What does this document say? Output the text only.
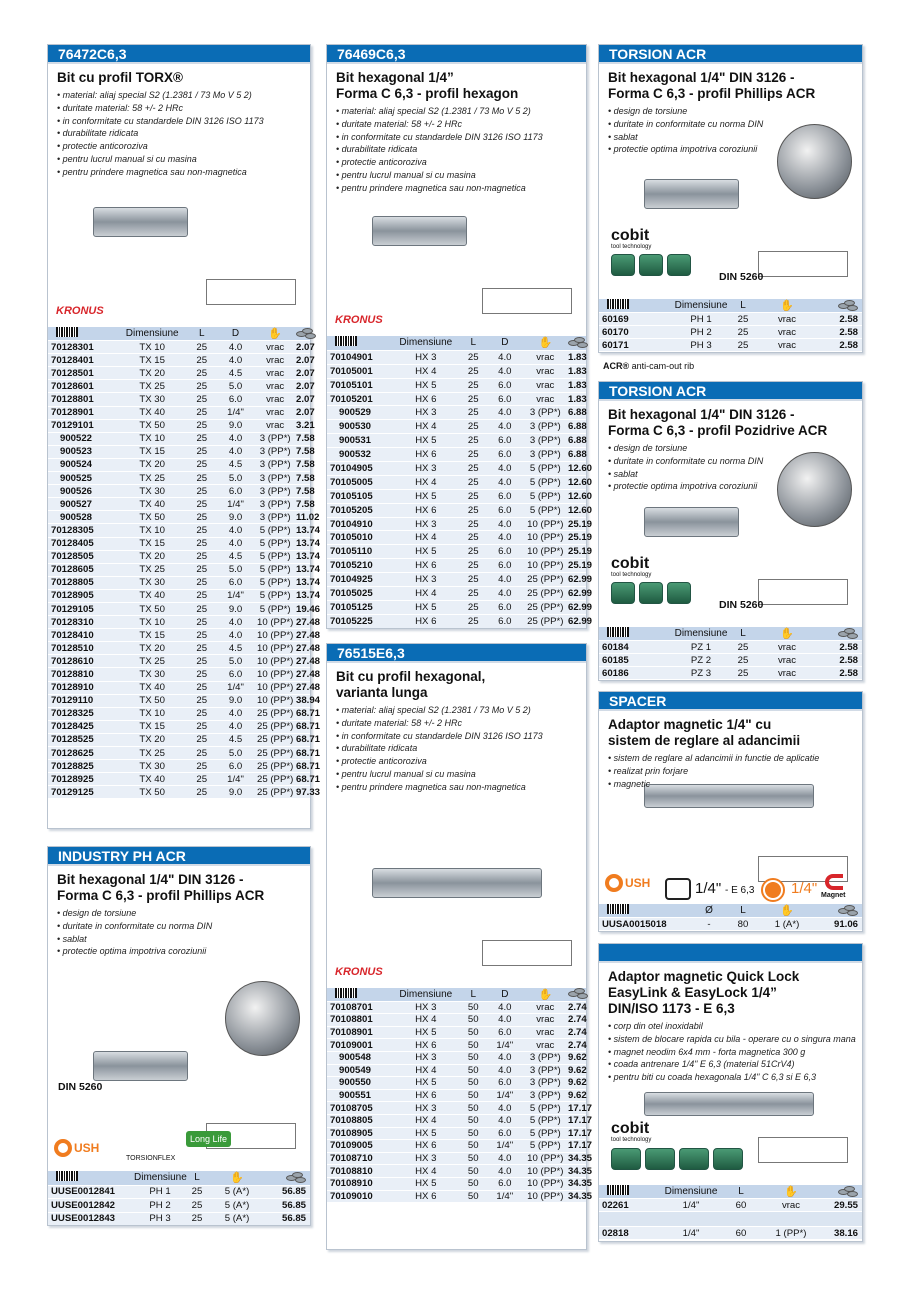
76472C6,3
Bit cu profil TORX®
• material: aliaj special S2 (1.2381 / 73 Mo V 5 2)
• duritate material: 58 +/- 2 HRc
• in conformitate cu standardele DIN 3126 ISO 1173
• durabilitate ridicata
• protectie anticoroziva
• pentru lucrul manual si cu masina
• pentru prindere magnetica sau non-magnetica
KRONUS
Dimensiune	L	D	✋
70128301	TX 10	25	4.0	vrac	2.07
70128401	TX 15	25	4.0	vrac	2.07
70128501	TX 20	25	4.5	vrac	2.07
70128601	TX 25	25	5.0	vrac	2.07
70128801	TX 30	25	6.0	vrac	2.07
70128901	TX 40	25	1/4"	vrac	2.07
70129101	TX 50	25	9.0	vrac	3.21
900522	TX 10	25	4.0	3 (PP*) 7.58
900523	TX 15	25	4.0	3 (PP*) 7.58
900524	TX 20	25	4.5	3 (PP*) 7.58
900525	TX 25	25	5.0	3 (PP*) 7.58
900526	TX 30	25	6.0	3 (PP*) 7.58
900527	TX 40	25	1/4"	3 (PP*) 7.58
900528	TX 50	25	9.0	3 (PP*) 11.02
70128305	TX 10	25	4.0	5 (PP*) 13.74
70128405	TX 15	25	4.0	5 (PP*) 13.74
70128505	TX 20	25	4.5	5 (PP*) 13.74
70128605	TX 25	25	5.0	5 (PP*) 13.74
70128805	TX 30	25	6.0	5 (PP*) 13.74
70128905	TX 40	25	1/4"	5 (PP*) 13.74
70129105	TX 50	25	9.0	5 (PP*) 19.46
70128310	TX 10	25	4.0	10 (PP*) 27.48
70128410	TX 15	25	4.0	10 (PP*) 27.48
70128510	TX 20	25	4.5	10 (PP*) 27.48
70128610	TX 25	25	5.0	10 (PP*) 27.48
70128810	TX 30	25	6.0	10 (PP*) 27.48
70128910	TX 40	25	1/4"	10 (PP*) 27.48
70129110	TX 50	25	9.0	10 (PP*) 38.94
70128325	TX 10	25	4.0	25 (PP*) 68.71
70128425	TX 15	25	4.0	25 (PP*) 68.71
70128525	TX 20	25	4.5	25 (PP*) 68.71
70128625	TX 25	25	5.0	25 (PP*) 68.71
70128825	TX 30	25	6.0	25 (PP*) 68.71
70128925	TX 40	25	1/4"	25 (PP*) 68.71
70129125	TX 50	25	9.0	25 (PP*) 97.33
INDUSTRY PH ACR
Bit hexagonal 1/4" DIN 3126 -
Forma C 6,3 - profil Phillips ACR
• design de torsiune
• duritate in conformitate cu norma DIN
• sablat
• protectie optima impotriva coroziunii
USH
DIN 5260
TORSIONFLEX
Long Life
Dimensiune L	✋
UUSE0012841	PH 1	25	5 (A*)	56.85
UUSE0012842	PH 2	25	5 (A*)	56.85
UUSE0012843	PH 3	25	5 (A*)	56.85
76469C6,3
Bit hexagonal 1/4”
Forma C 6,3 - profil hexagon
• material: aliaj special S2 (1.2381 / 73 Mo V 5 2)
• duritate material: 58 +/- 2 HRc
• in conformitate cu standardele DIN 3126 ISO 1173
• durabilitate ridicata
• protectie anticoroziva
• pentru lucrul manual si cu masina
• pentru prindere magnetica sau non-magnetica
KRONUS
Dimensiune	L	D	✋
70104901	HX 3	25	4.0	vrac	1.83
70105001	HX 4	25	4.0	vrac	1.83
70105101	HX 5	25	6.0	vrac	1.83
70105201	HX 6	25	6.0	vrac	1.83
900529	HX 3	25	4.0	3 (PP*) 6.88
900530	HX 4	25	4.0	3 (PP*) 6.88
900531	HX 5	25	6.0	3 (PP*) 6.88
900532	HX 6	25	6.0	3 (PP*) 6.88
70104905	HX 3	25	4.0	5 (PP*) 12.60
70105005	HX 4	25	4.0	5 (PP*) 12.60
70105105	HX 5	25	6.0	5 (PP*) 12.60
70105205	HX 6	25	6.0	5 (PP*) 12.60
70104910	HX 3	25	4.0	10 (PP*) 25.19
70105010	HX 4	25	4.0	10 (PP*) 25.19
70105110	HX 5	25	6.0	10 (PP*) 25.19
70105210	HX 6	25	6.0	10 (PP*) 25.19
70104925	HX 3	25	4.0	25 (PP*) 62.99
70105025	HX 4	25	4.0	25 (PP*) 62.99
70105125	HX 5	25	6.0	25 (PP*) 62.99
70105225	HX 6	25	6.0	25 (PP*) 62.99
76515E6,3
Bit cu profil hexagonal,
varianta lunga
• material: aliaj special S2 (1.2381 / 73 Mo V 5 2)
• duritate material: 58 +/- 2 HRc
• in conformitate cu standardele DIN 3126 ISO 1173
• durabilitate ridicata
• protectie anticoroziva
• pentru lucrul manual si cu masina
• pentru prindere magnetica sau non-magnetica
KRONUS
Dimensiune	L	D	✋
70108701	HX 3	50	4.0	vrac	2.74
70108801	HX 4	50	4.0	vrac	2.74
70108901	HX 5	50	6.0	vrac	2.74
70109001	HX 6	50	1/4"	vrac	2.74
900548	HX 3	50	4.0	3 (PP*) 9.62
900549	HX 4	50	4.0	3 (PP*) 9.62
900550	HX 5	50	6.0	3 (PP*) 9.62
900551	HX 6	50	1/4"	3 (PP*) 9.62
70108705	HX 3	50	4.0	5 (PP*) 17.17
70108805	HX 4	50	4.0	5 (PP*) 17.17
70108905	HX 5	50	6.0	5 (PP*) 17.17
70109005	HX 6	50	1/4"	5 (PP*) 17.17
70108710	HX 3	50	4.0	10 (PP*) 34.35
70108810	HX 4	50	4.0	10 (PP*) 34.35
70108910	HX 5	50	6.0	10 (PP*) 34.35
70109010	HX 6	50	1/4"	10 (PP*) 34.35
TORSION ACR
Bit hexagonal 1/4" DIN 3126 -
Forma C 6,3 - profil Phillips ACR
• design de torsiune
• duritate in conformitate cu norma DIN
• sablat
• protectie optima impotriva coroziunii
cobit
tool technology
DIN 5260
Dimensiune	L	✋
60169	PH 1	25	vrac	2.58
60170	PH 2	25	vrac	2.58
60171	PH 3	25	vrac	2.58
TORSION ACR
Bit hexagonal 1/4" DIN 3126 -
Forma C 6,3 - profil Pozidrive ACR
• design de torsiune
• duritate in conformitate cu norma DIN
• sablat
• protectie optima impotriva coroziunii
cobit
tool technology
DIN 5260
Dimensiune	L	✋
60184	PZ 1	25	vrac	2.58
60185	PZ 2	25	vrac	2.58
60186	PZ 3	25	vrac	2.58
SPACER
Adaptor magnetic 1/4" cu
sistem de reglare al adancimii
• sistem de reglare al adancimii in functie de aplicatie
• realizat prin forjare
• magnetic
USH	1/4" - E 6,3 1/4" Magnet
Ø	L	✋
UUSA0015018	-	80	1 (A*)	91.06
Adaptor magnetic Quick Lock
EasyLink & EasyLock 1/4”
DIN/ISO 1173 - E 6,3
• corp din otel inoxidabil
• sistem de blocare rapida cu bila - operare cu o singura mana
• magnet neodim 6x4 mm - forta magnetica 300 g
• coada antrenare 1/4" E 6,3 (material 51CrV4)
• pentru biti cu coada hexagonala 1/4" C 6,3 si E 6,3
cobit
tool technology
Dimensiune	L	✋
02261	1/4"	60	vrac	29.55
02818	1/4"	60	1 (PP*)	38.16
ACR® anti-cam-out rib
